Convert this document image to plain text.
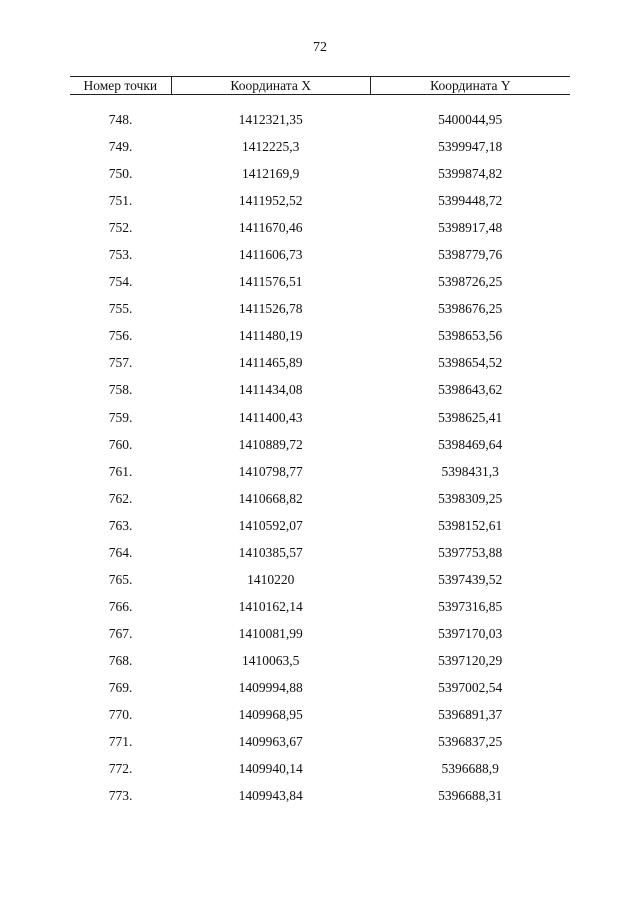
72
Номер точки	Координата X	Координата Y
748.	1412321,35	5400044,95
749.	1412225,3	5399947,18
750.	1412169,9	5399874,82
751.	1411952,52	5399448,72
752.	1411670,46	5398917,48
753.	1411606,73	5398779,76
754.	1411576,51	5398726,25
755.	1411526,78	5398676,25
756.	1411480,19	5398653,56
757.	1411465,89	5398654,52
758.	1411434,08	5398643,62
759.	1411400,43	5398625,41
760.	1410889,72	5398469,64
761.	1410798,77	5398431,3
762.	1410668,82	5398309,25
763.	1410592,07	5398152,61
764.	1410385,57	5397753,88
765.	1410220	5397439,52
766.	1410162,14	5397316,85
767.	1410081,99	5397170,03
768.	1410063,5	5397120,29
769.	1409994,88	5397002,54
770.	1409968,95	5396891,37
771.	1409963,67	5396837,25
772.	1409940,14	5396688,9
773.	1409943,84	5396688,31
